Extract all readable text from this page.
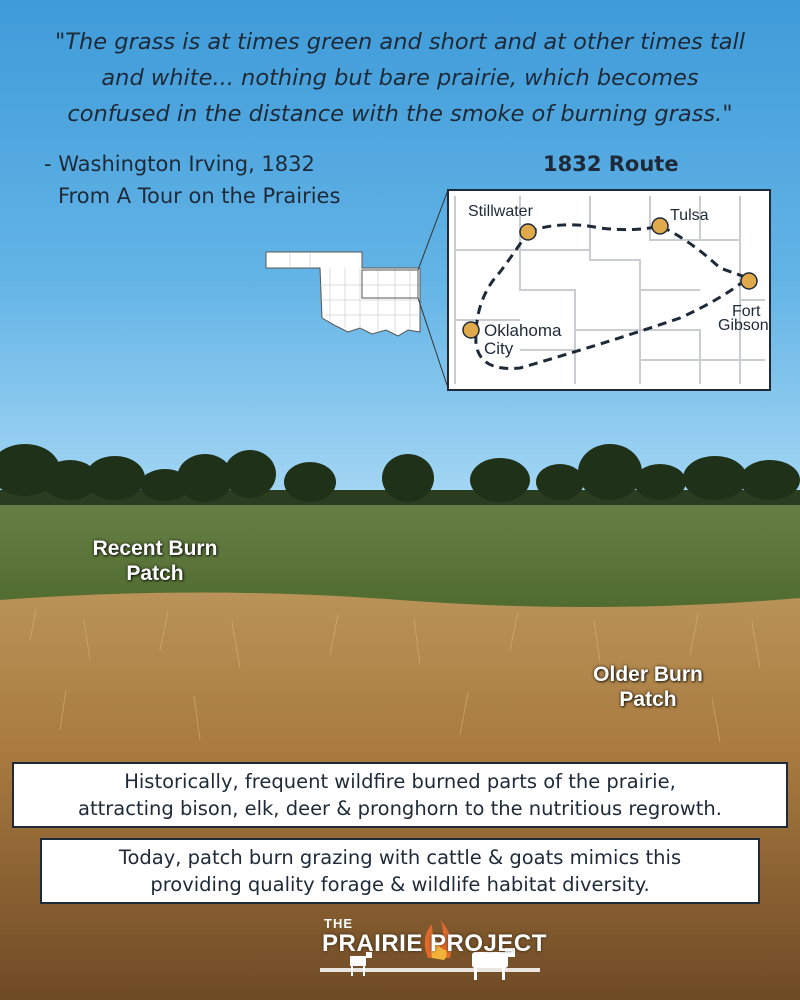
Stillwater	Tulsa
Fort
Gibson
Oklahoma
City
"The grass is at times green and short and at other times tall
and white... nothing but bare prairie, which becomes
confused in the distance with the smoke of burning grass."
- Washington Irving, 1832
From A Tour on the Prairies
1832 Route
Recent Burn
Patch
Older Burn
Patch
Historically, frequent wildfire burned parts of the prairie,
attracting bison, elk, deer & pronghorn to the nutritious regrowth.
Today, patch burn grazing with cattle & goats mimics this
providing quality forage & wildlife habitat diversity.
THE
PRAIRIE PROJECT
